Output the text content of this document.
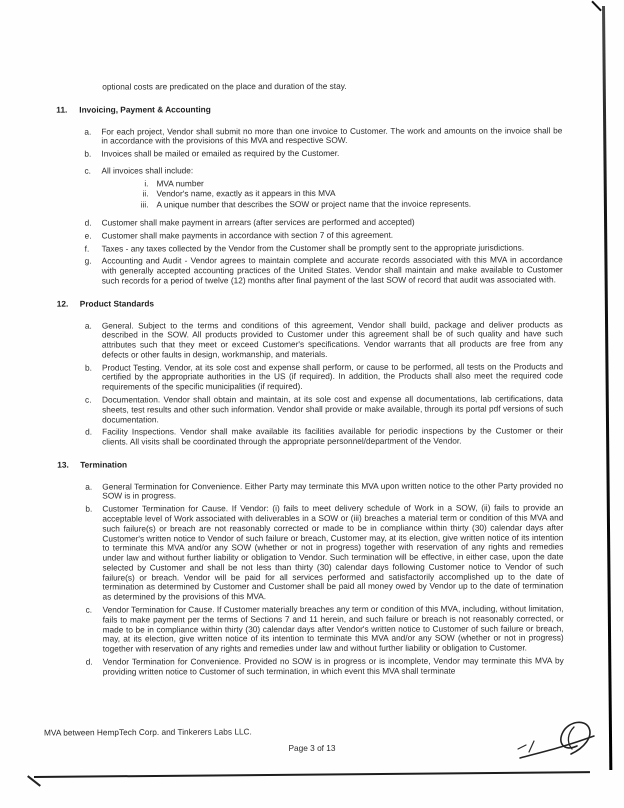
optional costs are predicated on the place and duration of the stay.
11.	Invoicing, Payment & Accounting
a.	For each project, Vendor shall submit no more than one invoice to Customer. The work and amounts on the invoice shall be in accordance with the provisions of this MVA and respective SOW.
b.	Invoices shall be mailed or emailed as required by the Customer.
c.	All invoices shall include:
i. MVA number
ii. Vendor's name, exactly as it appears in this MVA
iii. A unique number that describes the SOW or project name that the invoice represents.
d.	Customer shall make payment in arrears (after services are performed and accepted)
e.	Customer shall make payments in accordance with section 7 of this agreement.
f.	Taxes - any taxes collected by the Vendor from the Customer shall be promptly sent to the appropriate jurisdictions.
g.	Accounting and Audit - Vendor agrees to maintain complete and accurate records associated with this MVA in accordance with generally accepted accounting practices of the United States. Vendor shall maintain and make available to Customer such records for a period of twelve (12) months after final payment of the last SOW of record that audit was associated with.
12.	Product Standards
a.	General. Subject to the terms and conditions of this agreement, Vendor shall build, package and deliver products as described in the SOW. All products provided to Customer under this agreement shall be of such quality and have such attributes such that they meet or exceed Customer's specifications. Vendor warrants that all products are free from any defects or other faults in design, workmanship, and materials.
b.	Product Testing. Vendor, at its sole cost and expense shall perform, or cause to be performed, all tests on the Products and certified by the appropriate authorities in the US (if required). In addition, the Products shall also meet the required code requirements of the specific municipalities (if required).
c.	Documentation. Vendor shall obtain and maintain, at its sole cost and expense all documentations, lab certifications, data sheets, test results and other such information. Vendor shall provide or make available, through its portal pdf versions of such documentation.
d.	Facility Inspections. Vendor shall make available its facilities available for periodic inspections by the Customer or their clients. All visits shall be coordinated through the appropriate personnel/department of the Vendor.
13.	Termination
a.	General Termination for Convenience. Either Party may terminate this MVA upon written notice to the other Party provided no SOW is in progress.
b.	Customer Termination for Cause. If Vendor: (i) fails to meet delivery schedule of Work in a SOW, (ii) fails to provide an acceptable level of Work associated with deliverables in a SOW or (iii) breaches a material term or condition of this MVA and such failure(s) or breach are not reasonably corrected or made to be in compliance within thirty (30) calendar days after Customer's written notice to Vendor of such failure or breach, Customer may, at its election, give written notice of its intention to terminate this MVA and/or any SOW (whether or not in progress) together with reservation of any rights and remedies under law and without further liability or obligation to Vendor. Such termination will be effective, in either case, upon the date selected by Customer and shall be not less than thirty (30) calendar days following Customer notice to Vendor of such failure(s) or breach. Vendor will be paid for all services performed and satisfactorily accomplished up to the date of termination as determined by Customer and Customer shall be paid all money owed by Vendor up to the date of termination as determined by the provisions of this MVA.
c.	Vendor Termination for Cause. If Customer materially breaches any term or condition of this MVA, including, without limitation, fails to make payment per the terms of Sections 7 and 11 herein, and such failure or breach is not reasonably corrected, or made to be in compliance within thirty (30) calendar days after Vendor's written notice to Customer of such failure or breach, may, at its election, give written notice of its intention to terminate this MVA and/or any SOW (whether or not in progress) together with reservation of any rights and remedies under law and without further liability or obligation to Customer.
d.	Vendor Termination for Convenience. Provided no SOW is in progress or is incomplete, Vendor may terminate this MVA by providing written notice to Customer of such termination, in which event this MVA shall terminate
MVA between HempTech Corp. and Tinkerers Labs LLC.
Page 3 of 13
